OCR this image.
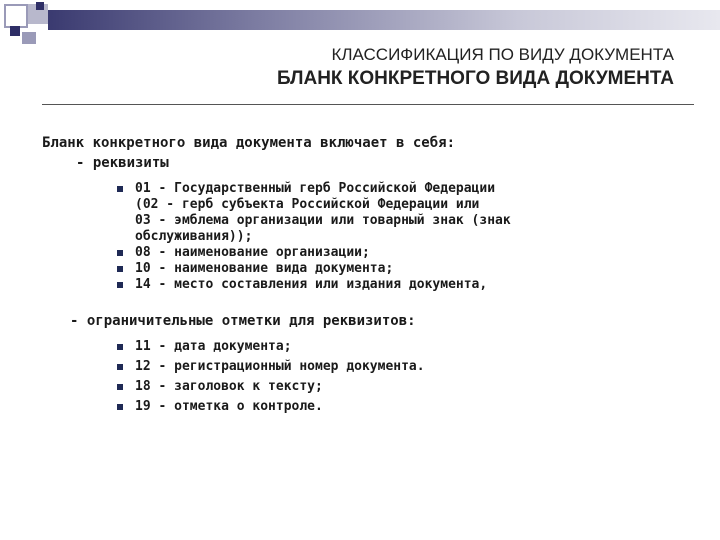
КЛАССИФИКАЦИЯ ПО ВИДУ ДОКУМЕНТА
БЛАНК КОНКРЕТНОГО ВИДА ДОКУМЕНТА

Бланк конкретного вида документа включает в себя:

- реквизиты

01 - Государственный герб Российской Федерации
(02 - герб субъекта Российской Федерации или
03 - эмблема организации или товарный знак (знак
обслуживания));
08 - наименование организации;
10 - наименование вида документа;
14 - место составления или издания документа,

- ограничительные отметки для реквизитов:

11 - дата документа;
12 - регистрационный номер документа.
18 - заголовок к тексту;
19 - отметка о контроле.
